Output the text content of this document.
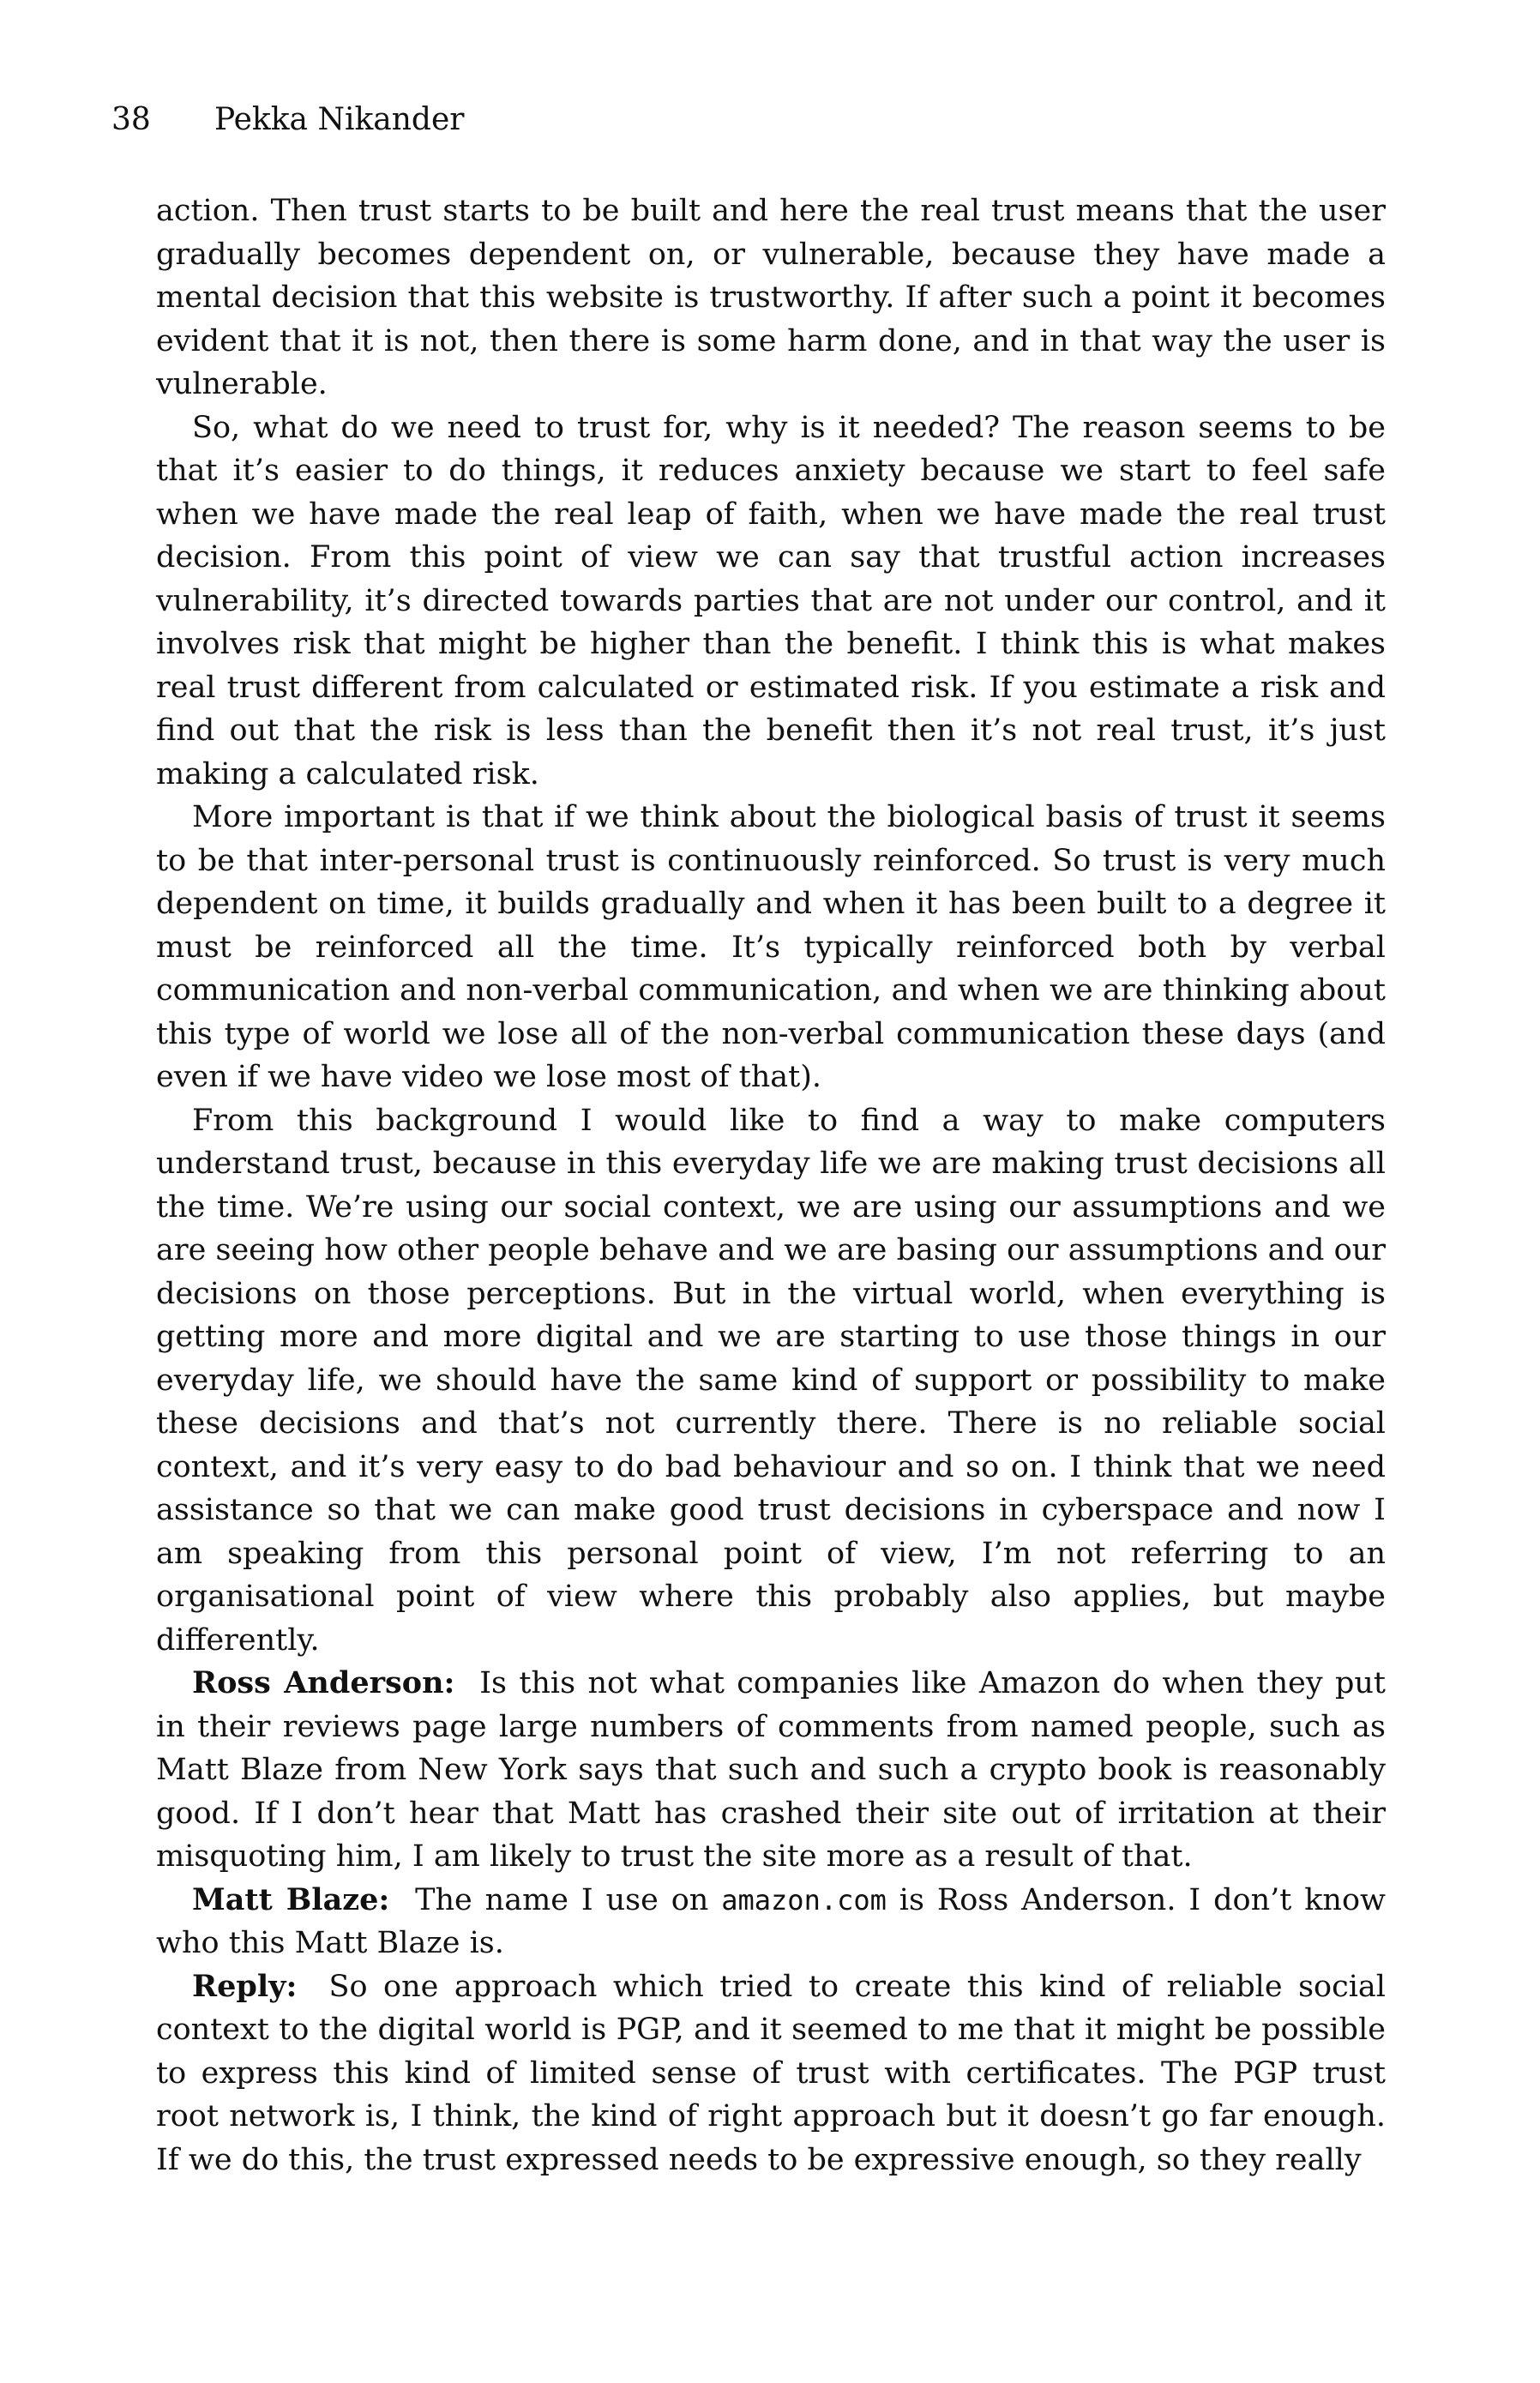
38 Pekka Nikander

action. Then trust starts to be built and here the real trust means that the user gradually becomes dependent on, or vulnerable, because they have made a mental decision that this website is trustworthy. If after such a point it becomes evident that it is not, then there is some harm done, and in that way the user is vulnerable.

So, what do we need to trust for, why is it needed? The reason seems to be that it’s easier to do things, it reduces anxiety because we start to feel safe when we have made the real leap of faith, when we have made the real trust decision. From this point of view we can say that trustful action increases vulnerability, it’s directed towards parties that are not under our control, and it involves risk that might be higher than the benefit. I think this is what makes real trust different from calculated or estimated risk. If you estimate a risk and find out that the risk is less than the benefit then it’s not real trust, it’s just making a calculated risk.

More important is that if we think about the biological basis of trust it seems to be that inter-personal trust is continuously reinforced. So trust is very much dependent on time, it builds gradually and when it has been built to a degree it must be reinforced all the time. It’s typically reinforced both by verbal communication and non-verbal communication, and when we are thinking about this type of world we lose all of the non-verbal communication these days (and even if we have video we lose most of that).

From this background I would like to find a way to make computers understand trust, because in this everyday life we are making trust decisions all the time. We’re using our social context, we are using our assumptions and we are seeing how other people behave and we are basing our assumptions and our decisions on those perceptions. But in the virtual world, when everything is getting more and more digital and we are starting to use those things in our everyday life, we should have the same kind of support or possibility to make these decisions and that’s not currently there. There is no reliable social context, and it’s very easy to do bad behaviour and so on. I think that we need assistance so that we can make good trust decisions in cyberspace and now I am speaking from this personal point of view, I’m not referring to an organisational point of view where this probably also applies, but maybe differently.

Ross Anderson: Is this not what companies like Amazon do when they put in their reviews page large numbers of comments from named people, such as Matt Blaze from New York says that such and such a crypto book is reasonably good. If I don’t hear that Matt has crashed their site out of irritation at their misquoting him, I am likely to trust the site more as a result of that.

Matt Blaze: The name I use on amazon.com is Ross Anderson. I don’t know who this Matt Blaze is.

Reply: So one approach which tried to create this kind of reliable social context to the digital world is PGP, and it seemed to me that it might be possible to express this kind of limited sense of trust with certificates. The PGP trust root network is, I think, the kind of right approach but it doesn’t go far enough. If we do this, the trust expressed needs to be expressive enough, so they really
